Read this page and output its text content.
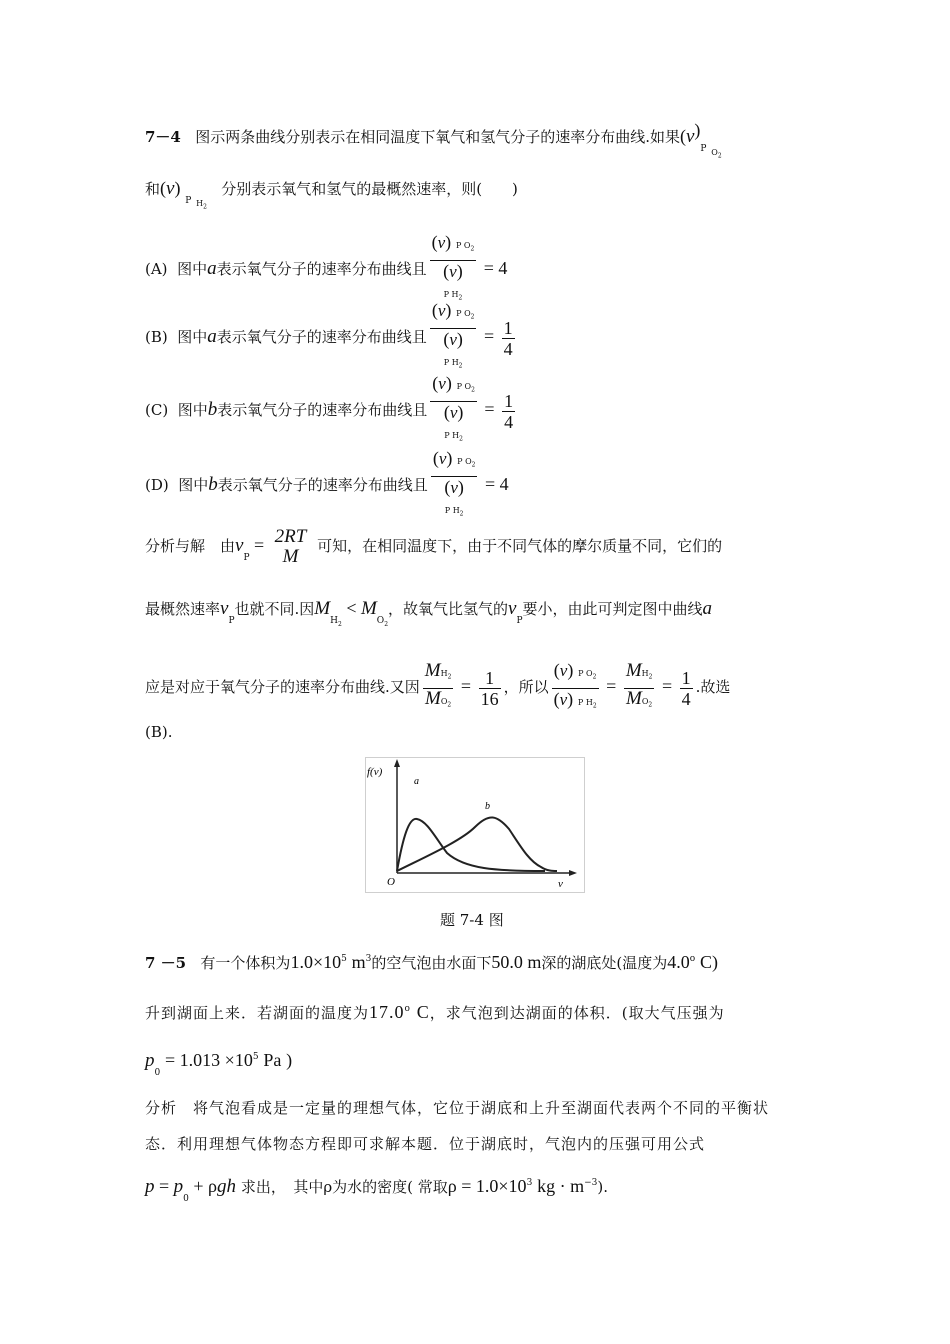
7－4 图示两条曲线分别表示在相同温度下氧气和氢气分子的速率分布曲线.如果$(v)_P$ $_{O_2}$
和(v) $_P$ $_{H_2}$   分别表示氧气和氢气的最概然速率，则(　　)
(A) 图中a表示氧气分子的速率分布曲线且
(v) P $O_2$
(v)
P $H_2$
= 4
(B) 图中a表示氧气分子的速率分布曲线且
(v) P $O_2$
(v)
P $H_2$
= $\frac{1}{4}$
(C) 图中b表示氧气分子的速率分布曲线且
(v) P $O_2$
(v)
P $H_2$
= $\frac{1}{4}$
(D) 图中b表示氧气分子的速率分布曲线且
(v) P $O_2$
(v)
P $H_2$
= 4
分析与解　由$v_P = 2RT$
M	可知，在相同温度下，由于不同气体的摩尔质量不同，它们的
最概然速率$v_P$也就不同.因$M_{H_2} < M_{O_2}$，故氧气比氢气的$v_P$要小，由此可判定图中曲线a
应是对应于氧气分子的速率分布曲线.又因 $\frac{MH_2}{MO_2} = \frac{1}{16}$ ，所以 $\frac{(v) P O_2}{(v) P H_2} = \frac{MH_2}{MO_2} = \frac{1}{4}$ .故选
(B).
f(v)
v
O
a
b
题 7-4 图
7 －5 有一个体积为$1.0\times 10^5$ $m^3$的空气泡由水面下50.0 m深的湖底处(温度为4.0$^o$ C)
升到湖面上来．若湖面的温度为17.0$^o$ C，求气泡到达湖面的体积．(取大气压强为
$p_0 = 1.013 \times 10^5$ Pa )
分析　将气泡看成是一定量的理想气体，它位于湖底和上升至湖面代表两个不同的平衡状
态．利用理想气体物态方程即可求解本题．位于湖底时，气泡内的压强可用公式
$p = p_0 + \rho gh$ 求出，　其中ρ为水的密度( 常取$\rho = 1.0\times 10^3$ kg · $m^{-3}$).
